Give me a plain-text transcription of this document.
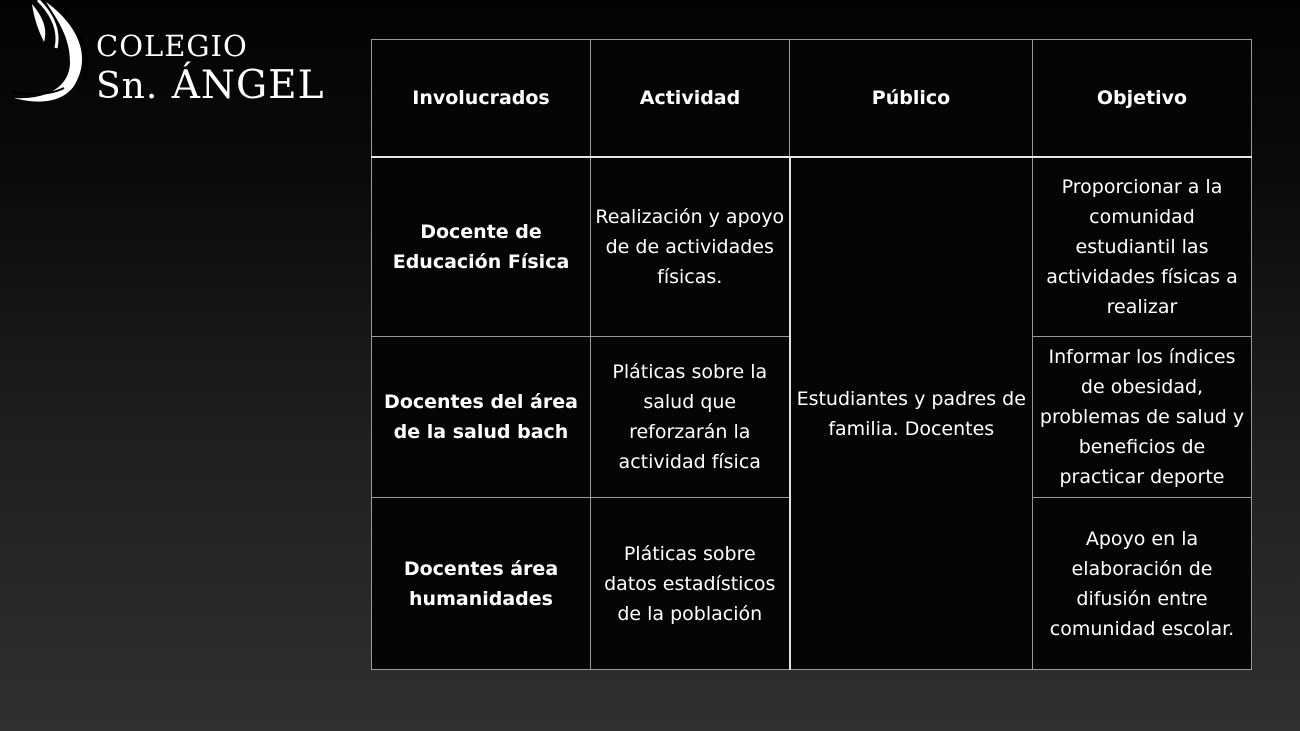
COLEGIO
Sn. ÁNGEL	Involucrados	Actividad	Público	Objetivo
Docente de Educación Física	Realización y apoyo de de actividades físicas.	Estudiantes y padres de familia. Docentes	Proporcionar a la comunidad estudiantil las actividades físicas a realizar
Docentes del área de la salud bach	Pláticas sobre la salud que reforzarán la actividad física		Informar los índices de obesidad, problemas de salud y beneficios de practicar deporte
Docentes área humanidades	Pláticas sobre datos estadísticos de la población		Apoyo en la elaboración de difusión entre comunidad escolar.
